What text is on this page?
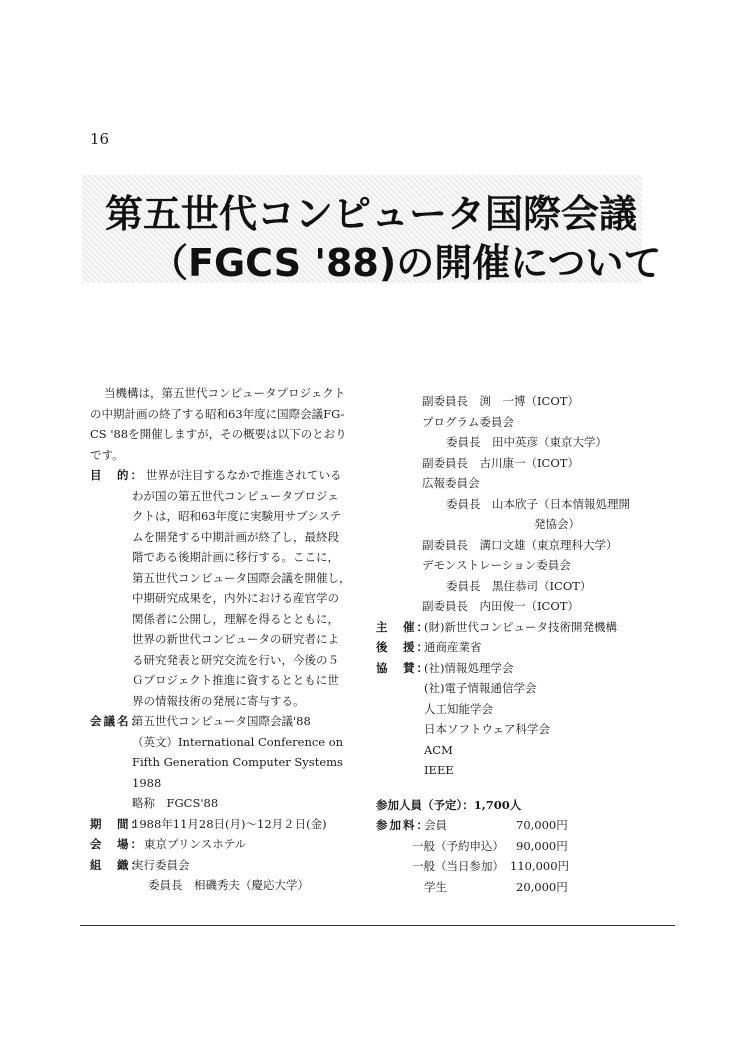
16
第五世代コンピュータ国際会議
（FGCS '88)の開催について
当機構は，第五世代コンピュータプロジェクト
の中期計画の終了する昭和63年度に国際会議FG-
CS '88を開催しますが，その概要は以下のとおり
です。
目　的： 世界が注目するなかで推進されている
わが国の第五世代コンピュータプロジェ
クトは，昭和63年度に実験用サブシステ
ムを開発する中期計画が終了し，最終段
階である後期計画に移行する。ここに，
第五世代コンピュータ国際会議を開催し，
中期研究成果を，内外における産官学の
関係者に公開し，理解を得るとともに，
世界の新世代コンピュータの研究者によ
る研究発表と研究交流を行い，今後の５
Ｇプロジェクト推進に資するとともに世
界の情報技術の発展に寄与する。
会議名：第五世代コンピュータ国際会議'88
（英文）International Conference on
Fifth Generation Computer Systems
1988
略称　FGCS'88
期　間：1988年11月28日(月)～12月２日(金)
会　場：東京プリンスホテル
組　織：実行委員会
委員長　相磯秀夫（慶応大学）
副委員長　渕　一博（ICOT）
プログラム委員会
委員長　田中英彦（東京大学）
副委員長　古川康一（ICOT）
広報委員会
委員長　山本欣子（日本情報処理開
発協会）
副委員長　溝口文雄（東京理科大学）
デモンストレーション委員会
委員長　黒住恭司（ICOT）
副委員長　内田俊一（ICOT）
主　催：(財)新世代コンピュータ技術開発機構
後　援：通商産業省
協　賛：(社)情報処理学会
(社)電子情報通信学会
人工知能学会
日本ソフトウェア科学会
ACM
IEEE
参加人員（予定）：1,700人
参加料：会員	70,000円
一般（予約申込） 90,000円
一般（当日参加） 110,000円
学生	20,000円
